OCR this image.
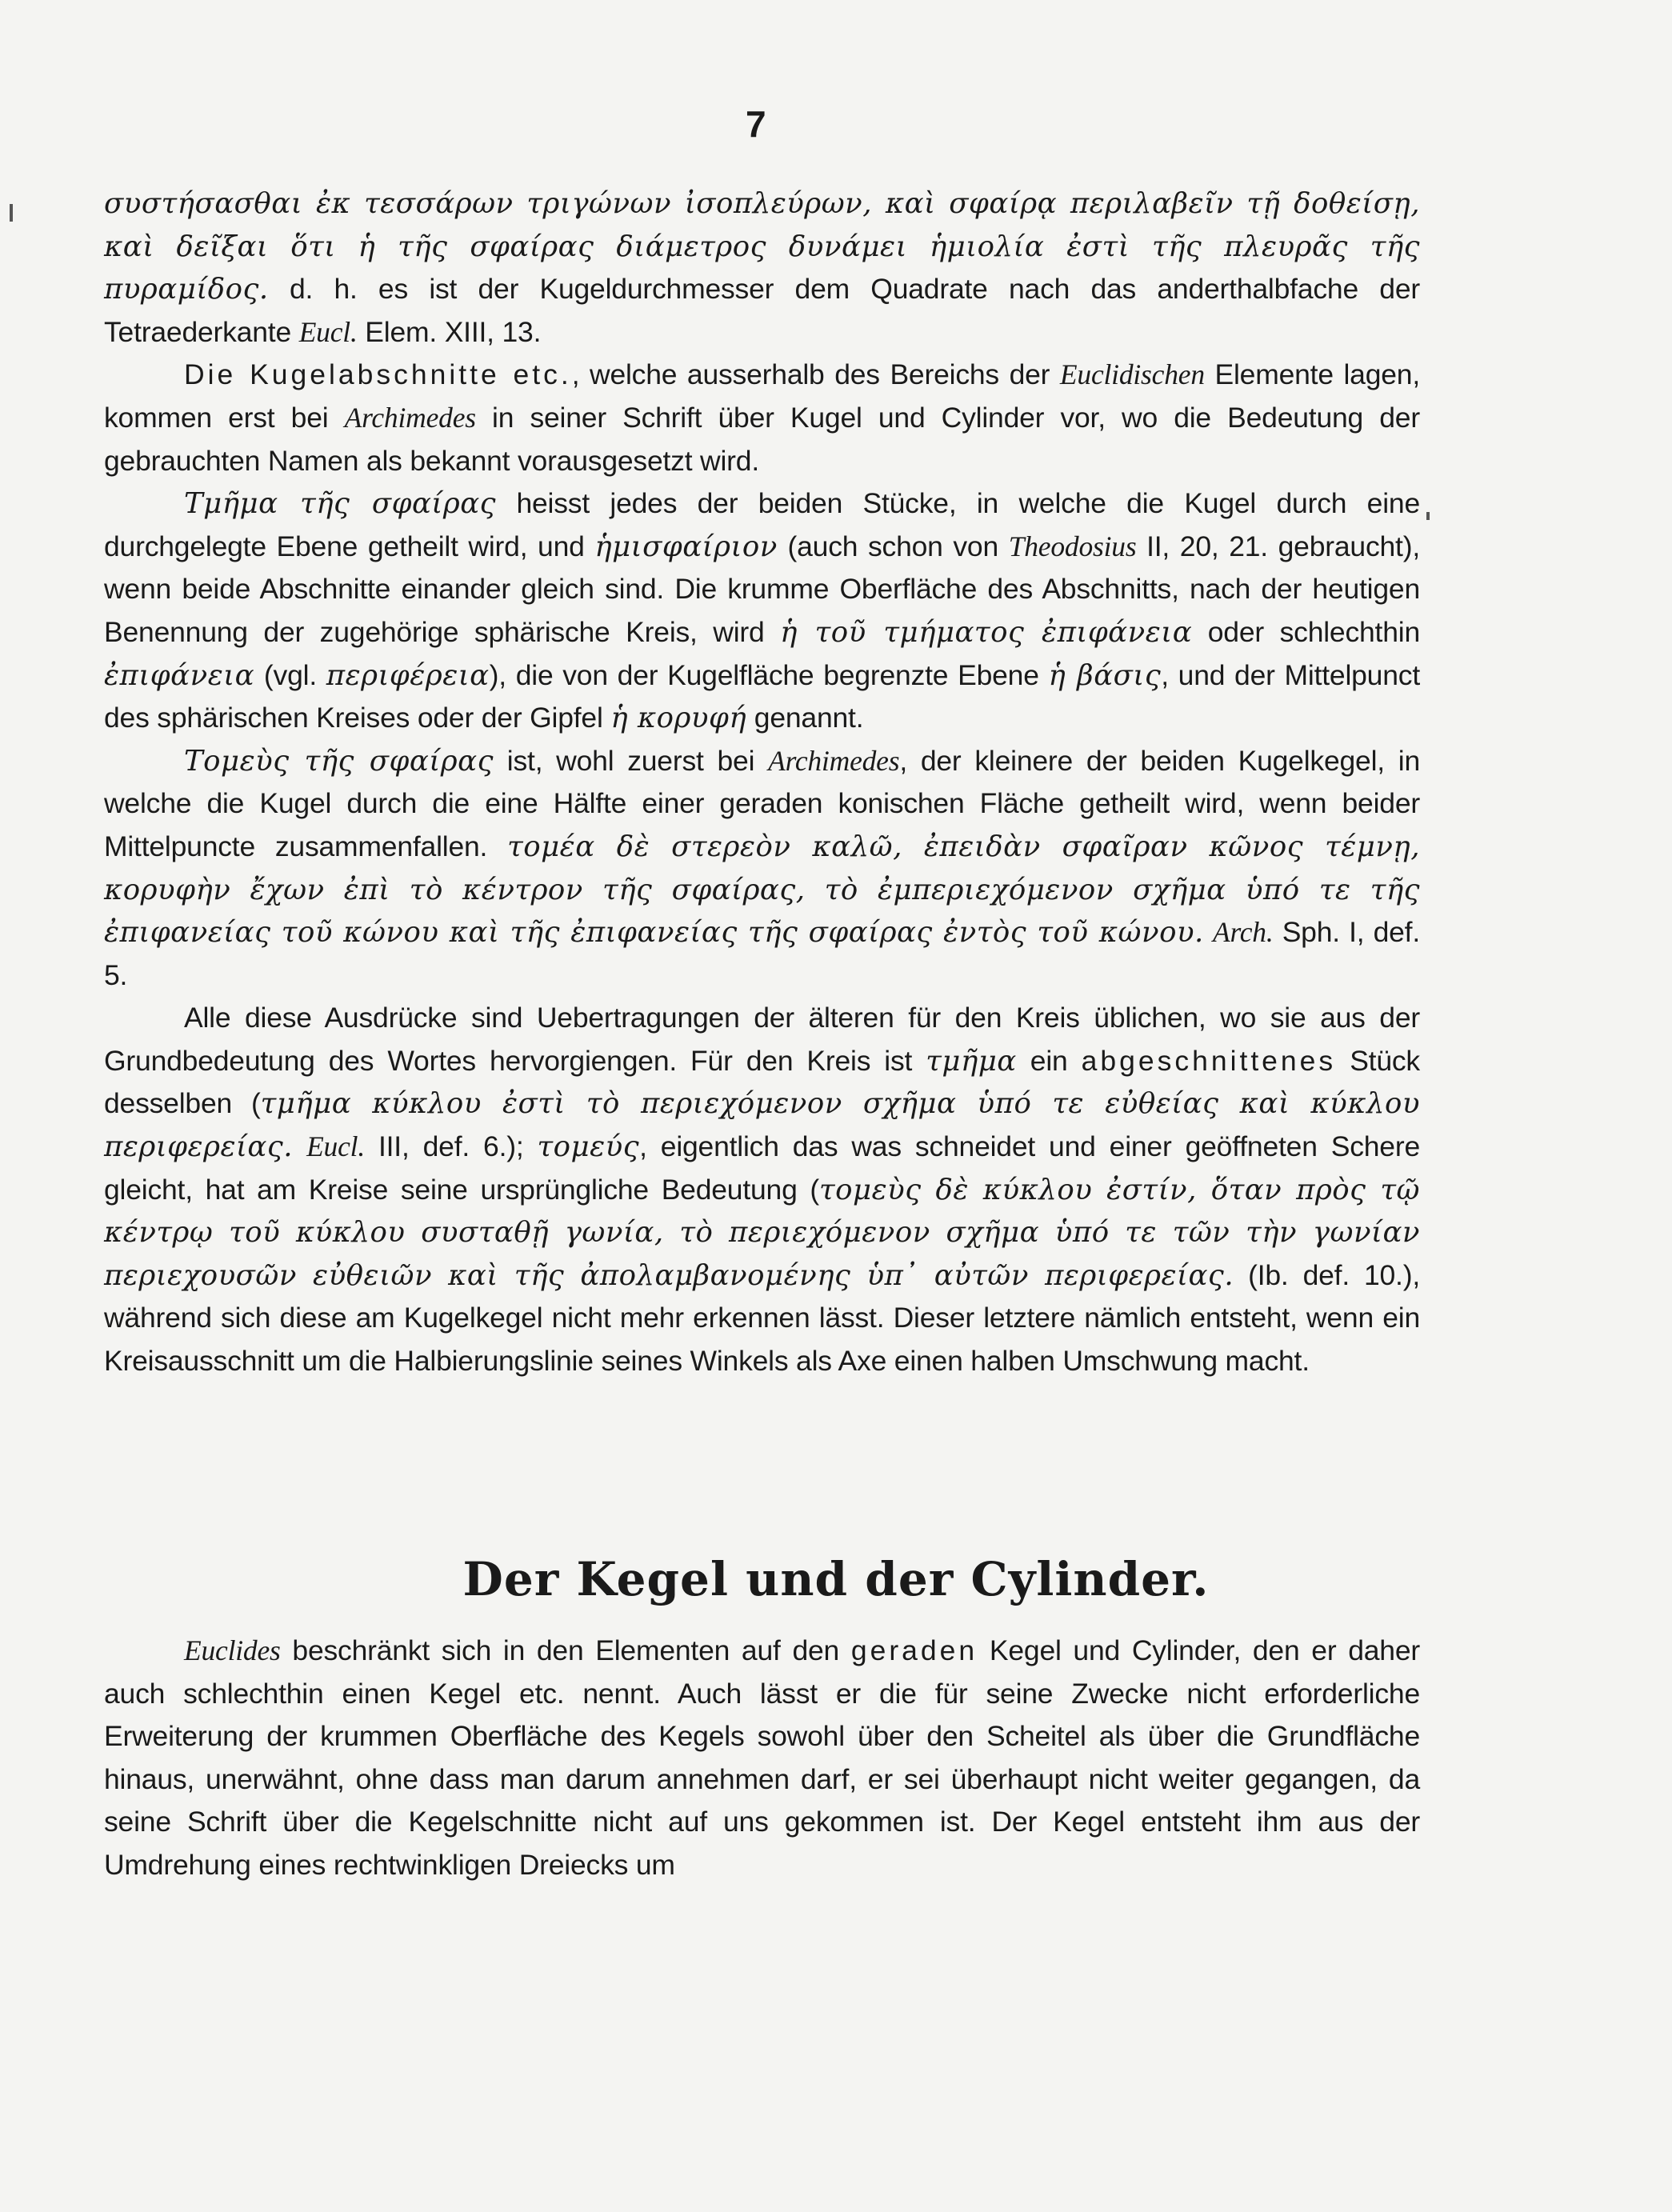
7

συστήσασθαι ἐκ τεσσάρων τριγώνων ἰσοπλεύρων, καὶ σφαίρᾳ περιλαβεῖν τῇ δοθείσῃ, καὶ δεῖξαι ὅτι ἡ τῆς σφαίρας διάμετρος δυνάμει ἡμιολία ἐστὶ τῆς πλευρᾶς τῆς πυραμίδος. d. h. es ist der Kugeldurchmesser dem Quadrate nach das anderthalbfache der Tetraederkante Eucl. Elem. XIII, 13.

Die Kugelabschnitte etc., welche ausserhalb des Bereichs der Euclidischen Elemente lagen, kommen erst bei Archimedes in seiner Schrift über Kugel und Cylinder vor, wo die Bedeutung der gebrauchten Namen als bekannt vorausgesetzt wird.

Τμῆμα τῆς σφαίρας heisst jedes der beiden Stücke, in welche die Kugel durch eine durchgelegte Ebene getheilt wird, und ἡμισφαίριον (auch schon von Theodosius II, 20, 21. gebraucht), wenn beide Abschnitte einander gleich sind. Die krumme Oberfläche des Abschnitts, nach der heutigen Benennung der zugehörige sphärische Kreis, wird ἡ τοῦ τμήματος ἐπιφάνεια oder schlechthin ἐπιφάνεια (vgl. περιφέρεια), die von der Kugelfläche begrenzte Ebene ἡ βάσις, und der Mittelpunct des sphärischen Kreises oder der Gipfel ἡ κορυφή genannt.

Τομεὺς τῆς σφαίρας ist, wohl zuerst bei Archimedes, der kleinere der beiden Kugelkegel, in welche die Kugel durch die eine Hälfte einer geraden konischen Fläche getheilt wird, wenn beider Mittelpuncte zusammenfallen. τομέα δὲ στερεὸν καλῶ, ἐπειδὰν σφαῖραν κῶνος τέμνῃ, κορυφὴν ἔχων ἐπὶ τὸ κέντρον τῆς σφαίρας, τὸ ἐμπεριεχόμενον σχῆμα ὑπό τε τῆς ἐπιφανείας τοῦ κώνου καὶ τῆς ἐπιφανείας τῆς σφαίρας ἐντὸς τοῦ κώνου. Arch. Sph. I, def. 5.

Alle diese Ausdrücke sind Uebertragungen der älteren für den Kreis üblichen, wo sie aus der Grundbedeutung des Wortes hervorgiengen. Für den Kreis ist τμῆμα ein abgeschnittenes Stück desselben (τμῆμα κύκλου ἐστὶ τὸ περιεχόμενον σχῆμα ὑπό τε εὐθείας καὶ κύκλου περιφερείας. Eucl. III, def. 6.); τομεύς, eigentlich das was schneidet und einer geöffneten Schere gleicht, hat am Kreise seine ursprüngliche Bedeutung (τομεὺς δὲ κύκλου ἐστίν, ὅταν πρὸς τῷ κέντρῳ τοῦ κύκλου συσταθῇ γωνία, τὸ περιεχόμενον σχῆμα ὑπό τε τῶν τὴν γωνίαν περιεχουσῶν εὐθειῶν καὶ τῆς ἀπολαμβανομένης ὑπ᾽ αὐτῶν περιφερείας. (Ib. def. 10.), während sich diese am Kugelkegel nicht mehr erkennen lässt. Dieser letztere nämlich entsteht, wenn ein Kreisausschnitt um die Halbierungslinie seines Winkels als Axe einen halben Umschwung macht.

Der Kegel und der Cylinder.

Euclides beschränkt sich in den Elementen auf den geraden Kegel und Cylinder, den er daher auch schlechthin einen Kegel etc. nennt. Auch lässt er die für seine Zwecke nicht erforderliche Erweiterung der krummen Oberfläche des Kegels sowohl über den Scheitel als über die Grundfläche hinaus, unerwähnt, ohne dass man darum annehmen darf, er sei überhaupt nicht weiter gegangen, da seine Schrift über die Kegelschnitte nicht auf uns gekommen ist. Der Kegel entsteht ihm aus der Umdrehung eines rechtwinkligen Dreiecks um
